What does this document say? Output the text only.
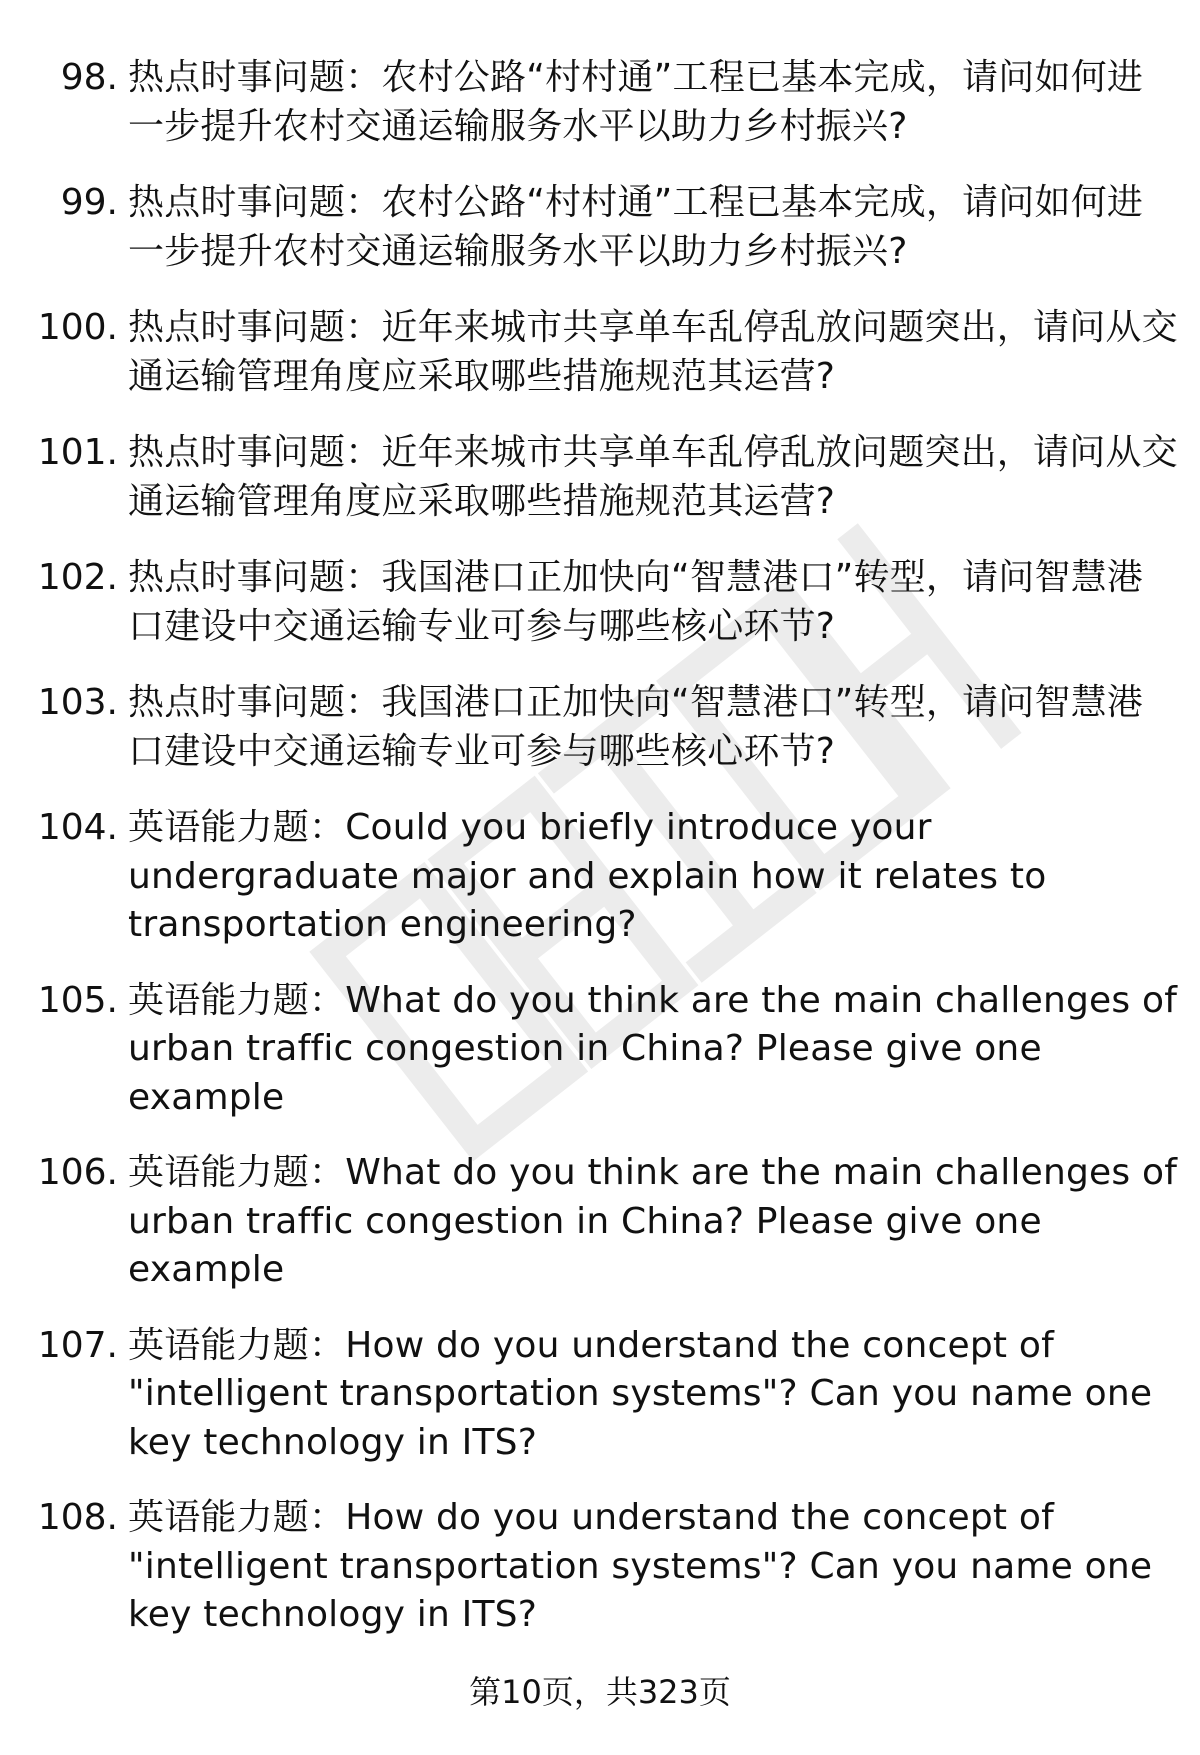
98. 热点时事问题：农村公路“村村通”工程已基本完成，请问如何进一步提升农村交通运输服务水平以助力乡村振兴?
99. 热点时事问题：农村公路“村村通”工程已基本完成，请问如何进一步提升农村交通运输服务水平以助力乡村振兴?
100. 热点时事问题：近年来城市共享单车乱停乱放问题突出，请问从交通运输管理角度应采取哪些措施规范其运营?
101. 热点时事问题：近年来城市共享单车乱停乱放问题突出，请问从交通运输管理角度应采取哪些措施规范其运营?
102. 热点时事问题：我国港口正加快向“智慧港口”转型，请问智慧港口建设中交通运输专业可参与哪些核心环节?
103. 热点时事问题：我国港口正加快向“智慧港口”转型，请问智慧港口建设中交通运输专业可参与哪些核心环节?
104. 英语能力题：Could you briefly introduce your undergraduate major and explain how it relates to transportation engineering?
105. 英语能力题：What do you think are the main challenges of urban traffic congestion in China? Please give one example
106. 英语能力题：What do you think are the main challenges of urban traffic congestion in China? Please give one example
107. 英语能力题：How do you understand the concept of "intelligent transportation systems"? Can you name one key technology in ITS?
108. 英语能力题：How do you understand the concept of "intelligent transportation systems"? Can you name one key technology in ITS?
第10页，共323页
